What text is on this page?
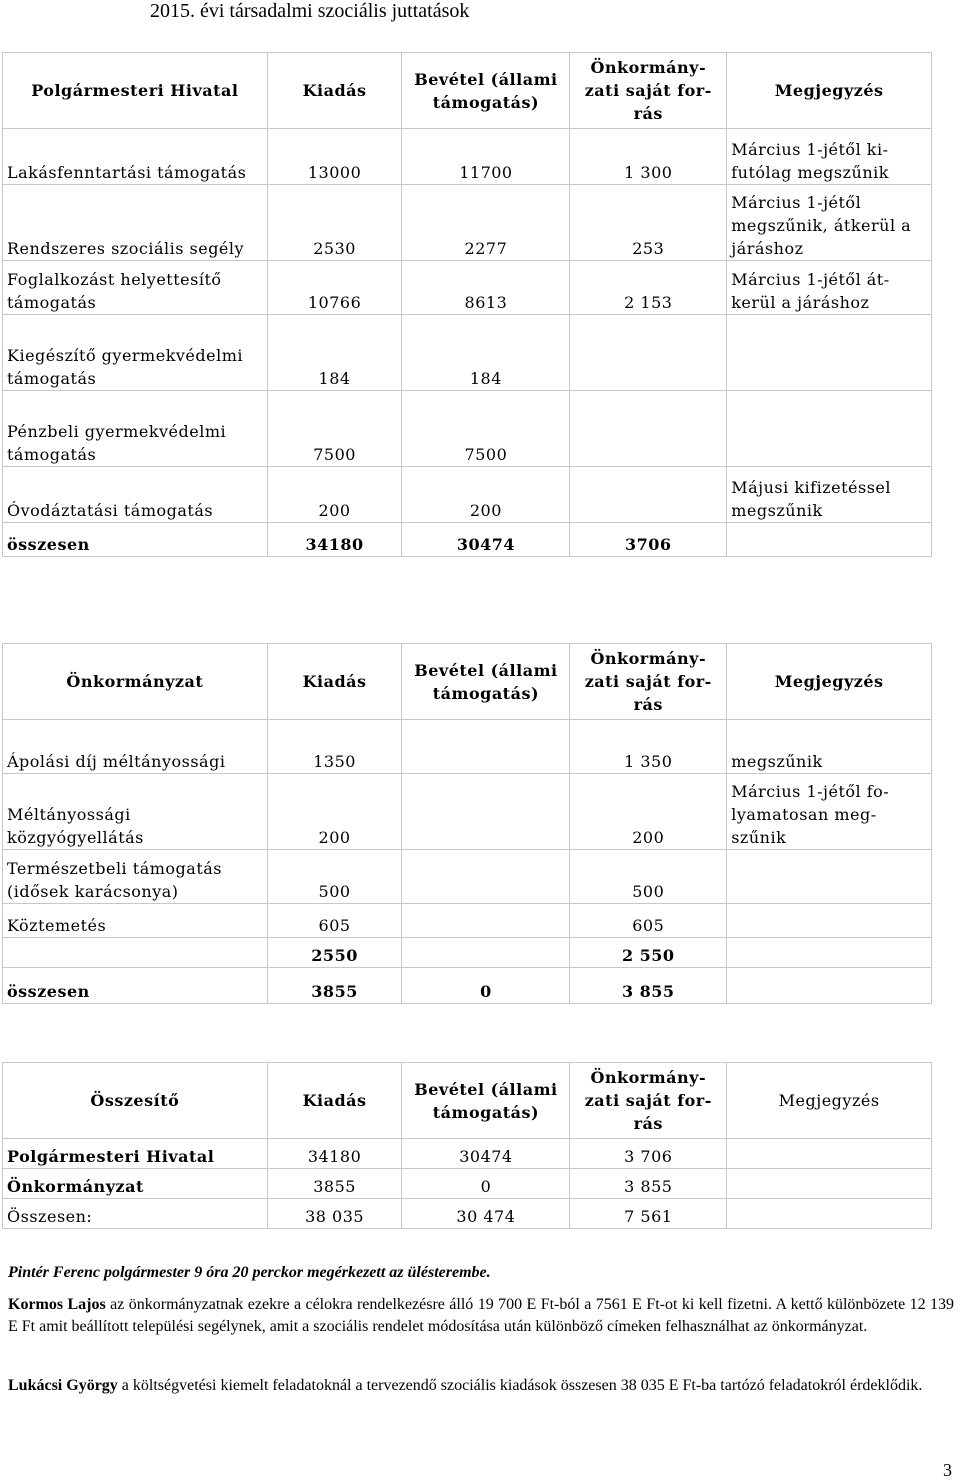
2015. évi társadalmi szociális juttatások
Polgármesteri Hivatal	Kiadás	Bevétel (állami támogatás)	Önkormány-zati saját for-rás	Megjegyzés
Lakásfenntartási támogatás	13000	11700	1 300	Március 1-jétől ki-futólag megszűnik
Rendszeres szociális segély	2530	2277	253	Március 1-jétől megszűnik, átkerül a járáshoz
Foglalkozást helyettesítő támogatás	10766	8613	2 153	Március 1-jétől át-kerül a járáshoz
Kiegészítő gyermekvédelmi támogatás	184	184		
Pénzbeli gyermekvédelmi támogatás	7500	7500		
Óvodáztatási támogatás	200	200		Májusi kifizetéssel megszűnik
összesen	34180	30474	3706	
Önkormányzat	Kiadás	Bevétel (állami támogatás)	Önkormány-zati saját for-rás	Megjegyzés
Ápolási díj méltányossági	1350		1 350	megszűnik
Méltányossági közgyógyellátás	200		200	Március 1-jétől fo-lyamatosan meg-szűnik
Természetbeli támogatás (idősek karácsonya)	500		500	
Köztemetés	605		605	
	2550		2 550	
összesen	3855	0	3 855	
Összesítő	Kiadás	Bevétel (állami támogatás)	Önkormány-zati saját for-rás	Megjegyzés
Polgármesteri Hivatal	34180	30474	3 706	
Önkormányzat	3855	0	3 855	
Összesen:	38 035	30 474	7 561	
Pintér Ferenc polgármester 9 óra 20 perckor megérkezett az ülésterembe.
Kormos Lajos az önkormányzatnak ezekre a célokra rendelkezésre álló 19 700 E Ft-ból a 7561 E Ft-ot ki kell fizetni. A kettő különbözete 12 139 E Ft amit beállított települési segélynek, amit a szociális rendelet módosítása után különböző címeken felhasználhat az önkormányzat.
Lukácsi György a költségvetési kiemelt feladatoknál a tervezendő szociális kiadások összesen 38 035 E Ft-ba tartózó feladatokról érdeklődik.
3
